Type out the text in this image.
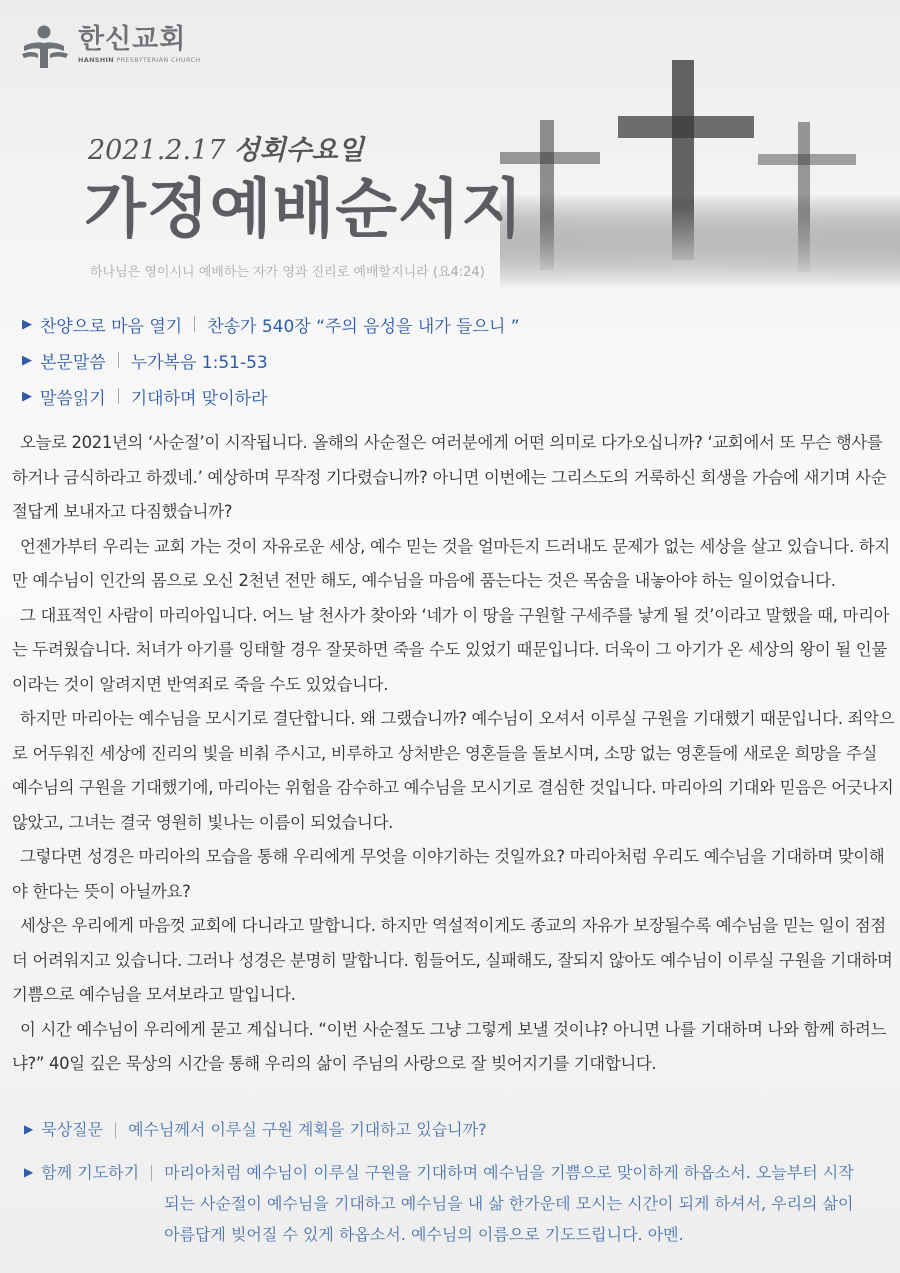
한신교회
HANSHIN PRESBYTERIAN CHURCH
2021.2.17 성회수요일
가정예배순서지
하나님은 영이시니 예배하는 자가 영과 진리로 예배할지니라 (요4:24)
▶ 찬양으로 마음 열기 찬송가 540장 “주의 음성을 내가 들으니 ”
▶ 본문말씀 누가복음 1:51-53
▶ 말씀읽기 기대하며 맞이하라

오늘로 2021년의 ‘사순절’이 시작됩니다. 올해의 사순절은 여러분에게 어떤 의미로 다가오십니까? ‘교회에서 또 무슨 행사를 하거나 금식하라고 하겠네.’ 예상하며 무작정 기다렸습니까? 아니면 이번에는 그리스도의 거룩하신 희생을 가슴에 새기며 사순절답게 보내자고 다짐했습니까?

언젠가부터 우리는 교회 가는 것이 자유로운 세상, 예수 믿는 것을 얼마든지 드러내도 문제가 없는 세상을 살고 있습니다. 하지만 예수님이 인간의 몸으로 오신 2천년 전만 해도, 예수님을 마음에 품는다는 것은 목숨을 내놓아야 하는 일이었습니다.

그 대표적인 사람이 마리아입니다. 어느 날 천사가 찾아와 ‘네가 이 땅을 구원할 구세주를 낳게 될 것’이라고 말했을 때, 마리아는 두려웠습니다. 처녀가 아기를 잉태할 경우 잘못하면 죽을 수도 있었기 때문입니다. 더욱이 그 아기가 온 세상의 왕이 될 인물이라는 것이 알려지면 반역죄로 죽을 수도 있었습니다.

하지만 마리아는 예수님을 모시기로 결단합니다. 왜 그랬습니까? 예수님이 오셔서 이루실 구원을 기대했기 때문입니다. 죄악으로 어두워진 세상에 진리의 빛을 비춰 주시고, 비루하고 상처받은 영혼들을 돌보시며, 소망 없는 영혼들에 새로운 희망을 주실 예수님의 구원을 기대했기에, 마리아는 위험을 감수하고 예수님을 모시기로 결심한 것입니다. 마리아의 기대와 믿음은 어긋나지 않았고, 그녀는 결국 영원히 빛나는 이름이 되었습니다.

그렇다면 성경은 마리아의 모습을 통해 우리에게 무엇을 이야기하는 것일까요? 마리아처럼 우리도 예수님을 기대하며 맞이해야 한다는 뜻이 아닐까요?

세상은 우리에게 마음껏 교회에 다니라고 말합니다. 하지만 역설적이게도 종교의 자유가 보장될수록 예수님을 믿는 일이 점점 더 어려워지고 있습니다. 그러나 성경은 분명히 말합니다. 힘들어도, 실패해도, 잘되지 않아도 예수님이 이루실 구원을 기대하며 기쁨으로 예수님을 모셔보라고 말입니다.

이 시간 예수님이 우리에게 묻고 계십니다. “이번 사순절도 그냥 그렇게 보낼 것이냐? 아니면 나를 기대하며 나와 함께 하려느냐?” 40일 깊은 묵상의 시간을 통해 우리의 삶이 주님의 사랑으로 잘 빚어지기를 기대합니다.

▶ 묵상질문 예수님께서 이루실 구원 계획을 기대하고 있습니까?
▶ 함께 기도하기 마리아처럼 예수님이 이루실 구원을 기대하며 예수님을 기쁨으로 맞이하게 하옵소서. 오늘부터 시작되는 사순절이 예수님을 기대하고 예수님을 내 삶 한가운데 모시는 시간이 되게 하셔서, 우리의 삶이 아름답게 빚어질 수 있게 하옵소서. 예수님의 이름으로 기도드립니다. 아멘.
